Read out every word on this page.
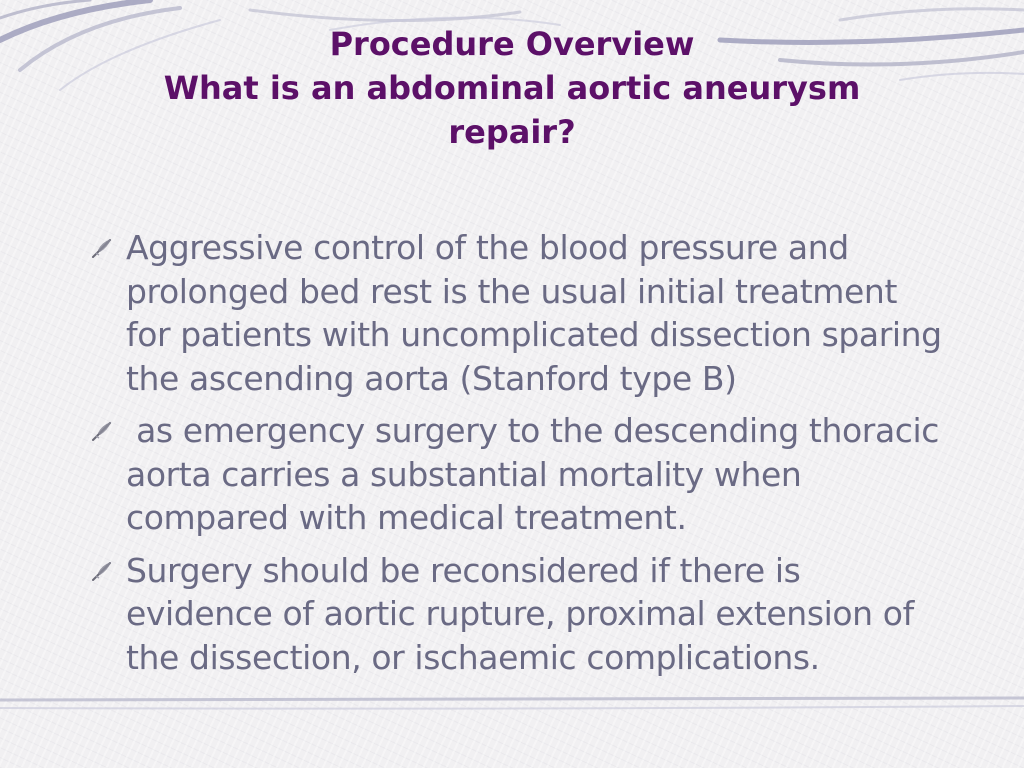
Procedure Overview
What is an abdominal aortic aneurysm
repair?
Aggressive control of the blood pressure and prolonged bed rest is the usual initial treatment for patients with uncomplicated dissection sparing the ascending aorta (Stanford type B)
as emergency surgery to the descending thoracic aorta carries a substantial mortality when compared with medical treatment.
Surgery should be reconsidered if there is evidence of aortic rupture, proximal extension of the dissection, or ischaemic complications.
